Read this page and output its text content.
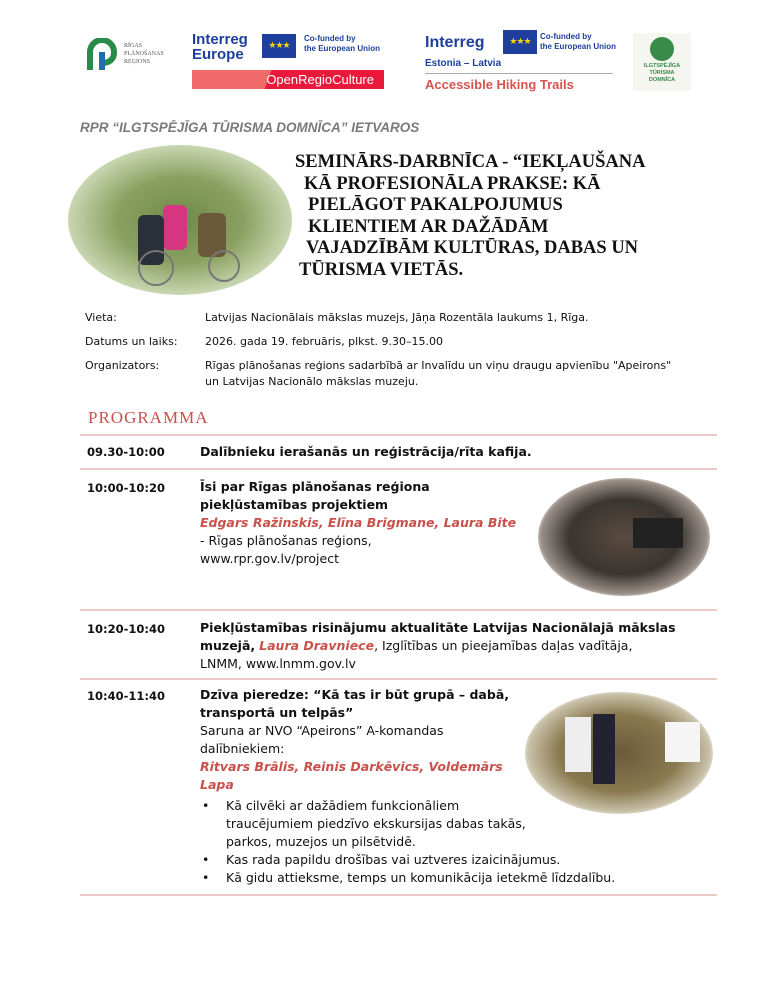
RĪGAS
PLĀNOŠANAS
REĢIONS
Interreg
Europe	★★★
Co-funded by
the European Union
OpenRegioCulture
Interreg	★★★
Co-funded by
the European Union
Estonia – Latvia
Accessible Hiking Trails
ILGTSPĒJĪGA
TŪRISMA
DOMNĪCA
RPR “ILGTSPĒJĪGA TŪRISMA DOMNĪCA” IETVAROS
SEMINĀRS-DARBNĪCA - “IEKĻAUŠANA
KĀ PROFESIONĀLA PRAKSE: KĀ
PIELĀGOT PAKALPOJUMUS
KLIENTIEM AR DAŽĀDĀM
VAJADZĪBĀM KULTŪRAS, DABAS UN
TŪRISMA VIETĀS.
Vieta:	Latvijas Nacionālais mākslas muzejs, Jāņa Rozentāla laukums 1, Rīga.
Datums un laiks: 2026. gada 19. februāris, plkst. 9.30–15.00
Organizators:	Rīgas plānošanas reģions sadarbībā ar Invalīdu un viņu draugu apvienību "Apeirons" un Latvijas Nacionālo mākslas muzeju.
PROGRAMMA
09.30-10:00	Dalībnieku ierašanās un reģistrācija/rīta kafija.
10:00-10:20	Īsi par Rīgas plānošanas reģiona
piekļūstamības projektiem
Edgars Ražinskis, Elīna Brigmane, Laura Bite
- Rīgas plānošanas reģions,
www.rpr.gov.lv/project
10:20-10:40	Piekļūstamības risinājumu aktualitāte Latvijas Nacionālajā mākslas muzejā, Laura Dravniece, Izglītības un pieejamības daļas vadītāja,
LNMM, www.lnmm.gov.lv
10:40-11:40	Dzīva pieredze: “Kā tas ir būt grupā – dabā,
transportā un telpās”
Saruna ar NVO “Apeirons” A-komandas
dalībniekiem:
Ritvars Brālis, Reinis Darkēvics, Voldemārs
Lapa
• Kā cilvēki ar dažādiem funkcionāliem
traucējumiem piedzīvo ekskursijas dabas takās,
parkos, muzejos un pilsētvidē.
• Kas rada papildu drošības vai uztveres izaicinājumus.
• Kā gidu attieksme, temps un komunikācija ietekmē līdzdalību.
